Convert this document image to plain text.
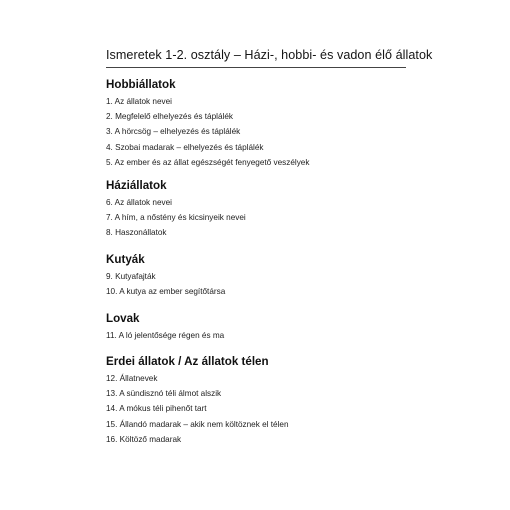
Ismeretek 1-2. osztály – Házi-, hobbi- és vadon élő állatok
Hobbiállatok
1. Az állatok nevei
2. Megfelelő elhelyezés és táplálék
3. A hörcsög – elhelyezés és táplálék
4. Szobai madarak – elhelyezés és táplálék
5. Az ember és az állat egészségét fenyegető veszélyek
Háziállatok
6. Az állatok nevei
7. A hím, a nőstény és kicsinyeik nevei
8. Haszonállatok
Kutyák
9. Kutyafajták
10. A kutya az ember segítőtársa
Lovak
11. A ló jelentősége régen és ma
Erdei állatok / Az állatok télen
12. Állatnevek
13. A sündisznó téli álmot alszik
14. A mókus téli pihenőt tart
15. Állandó madarak – akik nem költöznek el télen
16. Költöző madarak
